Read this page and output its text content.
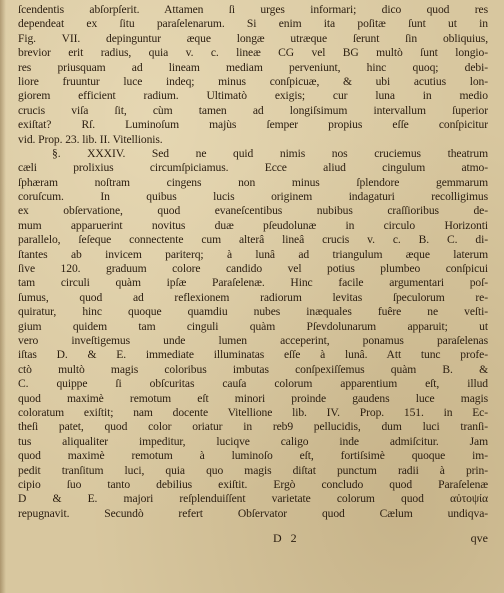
ſcendentis abſorpſerit. Attamen ſi urges informari; dico quod res
dependeat ex ſitu paraſelenarum. Si enim ita poſitæ ſunt ut in
Fig. VII. depinguntur æque longæ utræque ſerunt ſin obliquius,
brevior erit radius, quia v. c. lineæ CG vel BG multò ſunt longio-
res priusquam ad lineam mediam perveniunt, hinc quoq; debi-
liore fruuntur luce indeq; minus conſpicuæ, & ubi acutius lon-
giorem efficient radium. Ultimatò exigis; cur luna in medio
crucis viſa ſit, cùm tamen ad longiſsimum intervallum ſuperior
exiſtat? Rſ. Luminoſum majùs ſemper propius eſſe conſpicitur
vid. Prop. 23. lib. II. Vitellionis.
§. XXXIV. Sed ne quid nimis nos cruciemus theatrum
cæli prolixius circumſpiciamus. Ecce aliud cingulum atmo-
ſphæram noſtram cingens non minus ſplendore gemmarum
coruſcum. In quibus lucis originem indagaturi recolligimus
ex obſervatione, quod evaneſcentibus nubibus craſſioribus de-
mum apparuerint novitus duæ pſeudolunæ in circulo Horizonti
parallelo, ſeſeque connectente cum alterâ lineâ crucis v. c. B. C. di-
ſtantes ab invicem pariterq; à lunâ ad triangulum æque laterum
ſive 120. graduum colore candido vel potius plumbeo conſpicui
tam circuli quàm ipſæ Paraſelenæ. Hinc facile argumentari poſ-
ſumus, quod ad reflexionem radiorum levitas ſpeculorum re-
quiratur, hinc quoque quamdiu nubes inæquales fuêre ne veſti-
gium quidem tam cinguli quàm Pſevdolunarum apparuit; ut
vero inveſtigemus unde lumen acceperint, ponamus paraſelenas
iſtas D. & E. immediate illuminatas eſſe à lunâ. Att tunc profe-
ctò multò magis coloribus imbutas conſpexiſſemus quàm B. &
C. quippe ſi obſcuritas cauſa colorum apparentium eſt, illud
quod maximè remotum eſt minori proinde gaudens luce magis
coloratum exiſtit; nam docente Vitellione lib. IV. Prop. 151. in Ec-
theſi patet, quod color oriatur in reb9 pellucidis, dum luci tranſi-
tus aliqualiter impeditur, luciqve caligo inde admiſcitur. Jam
quod maximè remotum à luminoſo eſt, fortiſsimè quoque im-
pedit tranſitum luci, quia quo magis diſtat punctum radii à prin-
cipio ſuo tanto debilius exiſtit. Ergò concludo quod Paraſelenæ
D & E. majori reſplenduiſſent varietate colorum quod αὐτοψία
repugnavit. Secundò refert Obſervator quod Cælum undiqva-
D 2	qve
